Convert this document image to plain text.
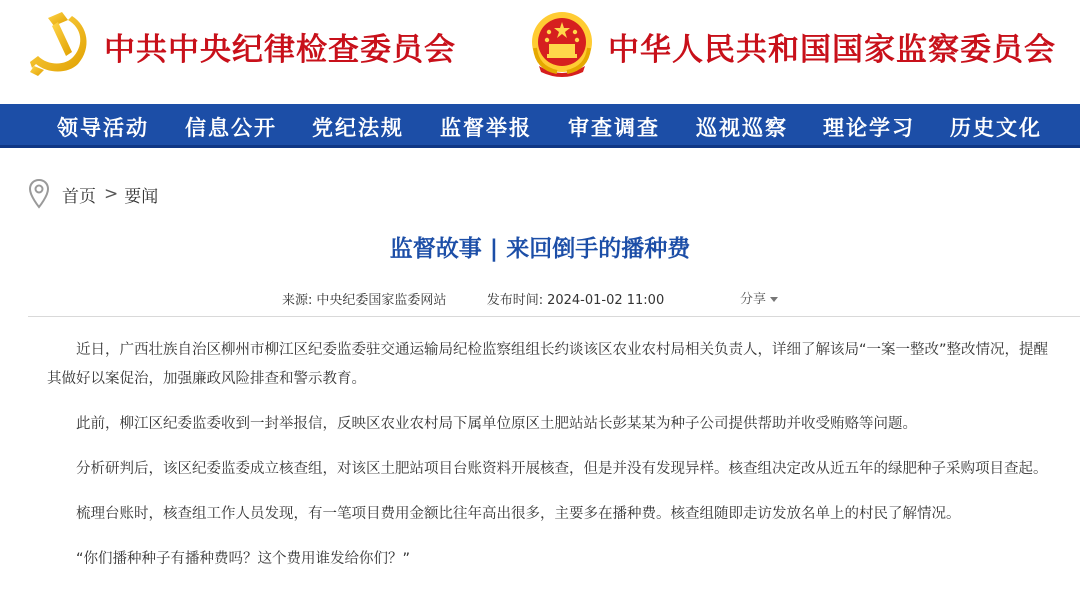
中共中央纪律检查委员会	中华人民共和国国家监察委员会
领导活动 信息公开 党纪法规 监督举报 审查调查 巡视巡察 理论学习 历史文化
首页 > 要闻
监督故事 | 来回倒手的播种费
来源: 中央纪委国家监委网站	发布时间: 2024-01-02 11:00	分享

近日，广西壮族自治区柳州市柳江区纪委监委驻交通运输局纪检监察组组长约谈该区农业农村局相关负责人，详细了解该局“一案一整改”整改情况，提醒其做好以案促治，加强廉政风险排查和警示教育。

此前，柳江区纪委监委收到一封举报信，反映区农业农村局下属单位原区土肥站站长彭某某为种子公司提供帮助并收受贿赂等问题。

分析研判后，该区纪委监委成立核查组，对该区土肥站项目台账资料开展核查，但是并没有发现异样。核查组决定改从近五年的绿肥种子采购项目查起。

梳理台账时，核查组工作人员发现，有一笔项目费用金额比往年高出很多，主要多在播种费。核查组随即走访发放名单上的村民了解情况。

“你们播种种子有播种费吗？这个费用谁发给你们？”
